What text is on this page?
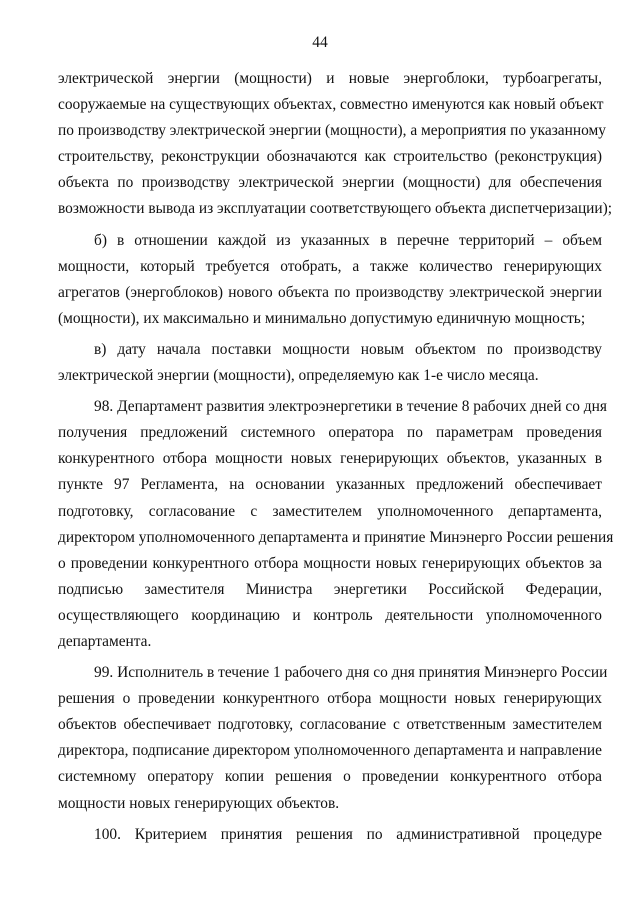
44
электрической энергии (мощности) и новые энергоблоки, турбоагрегаты,
сооружаемые на существующих объектах, совместно именуются как новый объект
по производству электрической энергии (мощности), а мероприятия по указанному
строительству, реконструкции обозначаются как строительство (реконструкция)
объекта по производству электрической энергии (мощности) для обеспечения
возможности вывода из эксплуатации соответствующего объекта диспетчеризации);
б) в отношении каждой из указанных в перечне территорий – объем
мощности, который требуется отобрать, а также количество генерирующих
агрегатов (энергоблоков) нового объекта по производству электрической энергии
(мощности), их максимально и минимально допустимую единичную мощность;
в) дату начала поставки мощности новым объектом по производству
электрической энергии (мощности), определяемую как 1-е число месяца.
98. Департамент развития электроэнергетики в течение 8 рабочих дней со дня
получения предложений системного оператора по параметрам проведения
конкурентного отбора мощности новых генерирующих объектов, указанных в
пункте 97 Регламента, на основании указанных предложений обеспечивает
подготовку, согласование с заместителем уполномоченного департамента,
директором уполномоченного департамента и принятие Минэнерго России решения
о проведении конкурентного отбора мощности новых генерирующих объектов за
подписью заместителя Министра энергетики Российской Федерации,
осуществляющего координацию и контроль деятельности уполномоченного
департамента.
99. Исполнитель в течение 1 рабочего дня со дня принятия Минэнерго России
решения о проведении конкурентного отбора мощности новых генерирующих
объектов обеспечивает подготовку, согласование с ответственным заместителем
директора, подписание директором уполномоченного департамента и направление
системному оператору копии решения о проведении конкурентного отбора
мощности новых генерирующих объектов.
100. Критерием принятия решения по административной процедуре
